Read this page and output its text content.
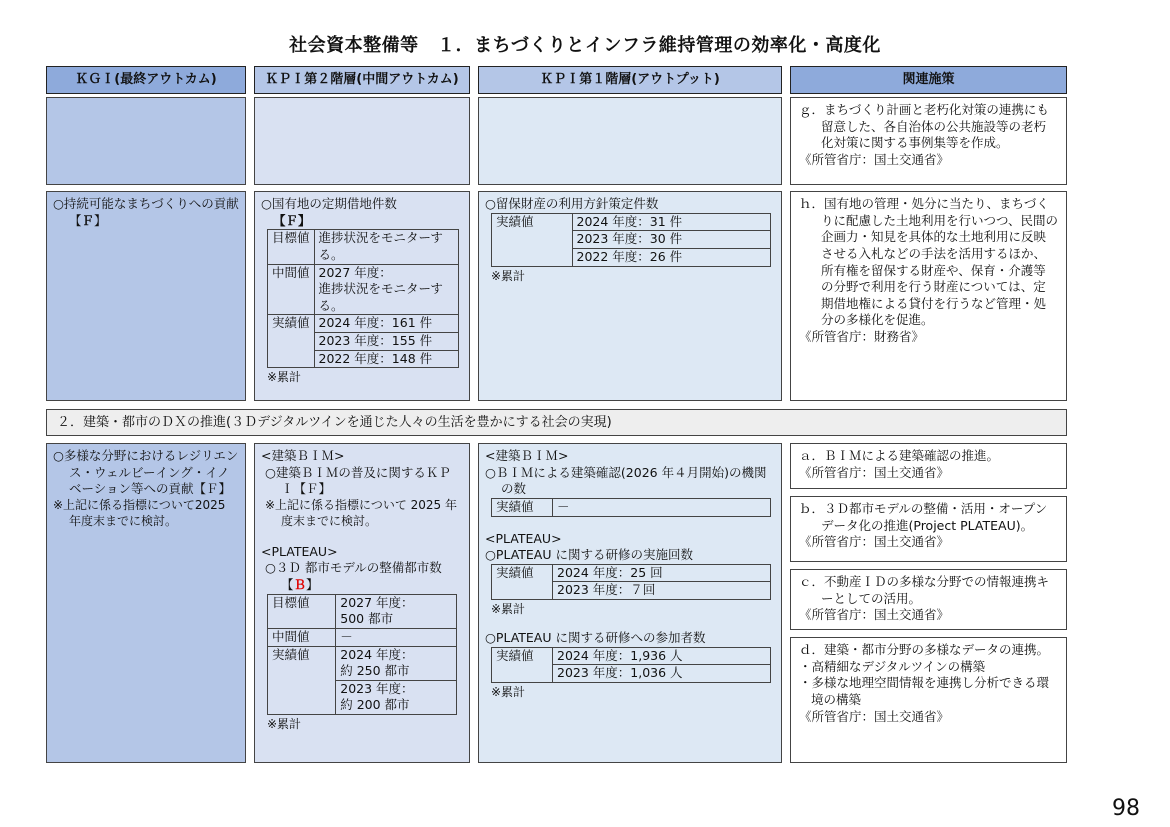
社会資本整備等　１．まちづくりとインフラ維持管理の効率化・高度化
ＫＧＩ(最終アウトカム)	ＫＰＩ第２階層(中間アウトカム)	ＫＰＩ第１階層(アウトプット)	関連施策

ｇ．まちづくり計画と老朽化対策の連携にも留意した、各自治体の公共施設等の老朽化対策に関する事例集等を作成。

《所管省庁：国土交通省》

○持続可能なまちづくりへの貢献【Ｆ】

○国有地の定期借地件数

【Ｆ】

目標値	進捗状況をモニターする。
中間値	2027 年度：
進捗状況をモニターする。
実績値	2024 年度：161 件
	2023 年度：155 件
	2022 年度：148 件

※累計

○留保財産の利用方針策定件数

実績値	2024 年度：31 件
2023 年度：30 件
2022 年度：26 件

※累計

ｈ．国有地の管理・処分に当たり、まちづくりに配慮した土地利用を行いつつ、民間の企画力・知見を具体的な土地利用に反映させる入札などの手法を活用するほか、所有権を留保する財産や、保育・介護等の分野で利用を行う財産については、定期借地権による貸付を行うなど管理・処分の多様化を促進。

《所管省庁：財務省》

２．建築・都市のＤＸの推進(３Ｄデジタルツインを通じた人々の生活を豊かにする社会の実現)

○多様な分野におけるレジリエンス・ウェルビーイング・イノベーション等への貢献【Ｆ】

※上記に係る指標について2025 年度末までに検討。

<建築ＢＩＭ>

○建築ＢＩＭの普及に関するＫＰＩ【Ｆ】

※上記に係る指標について 2025 年度末までに検討。

<PLATEAU>

○３Ｄ 都市モデルの整備都市数【Ｂ】

目標値	2027 年度：
500 都市
中間値	－
実績値	2024 年度：
約 250 都市
	2023 年度：
約 200 都市

※累計

<建築ＢＩＭ>

○ＢＩＭによる建築確認(2026 年４月開始)の機関の数

実績値	－

<PLATEAU>

○PLATEAU に関する研修の実施回数

実績値	2024 年度：25 回
2023 年度：７回

※累計

○PLATEAU に関する研修への参加者数

実績値	2024 年度：1,936 人
2023 年度：1,036 人

※累計

ａ．ＢＩＭによる建築確認の推進。

《所管省庁：国土交通省》

ｂ．３Ｄ都市モデルの整備・活用・オープンデータ化の推進(Project PLATEAU)。

《所管省庁：国土交通省》

ｃ．不動産ＩＤの多様な分野での情報連携キーとしての活用。

《所管省庁：国土交通省》

ｄ．建築・都市分野の多様なデータの連携。

・高精細なデジタルツインの構築

・多様な地理空間情報を連携し分析できる環境の構築

《所管省庁：国土交通省》

98
